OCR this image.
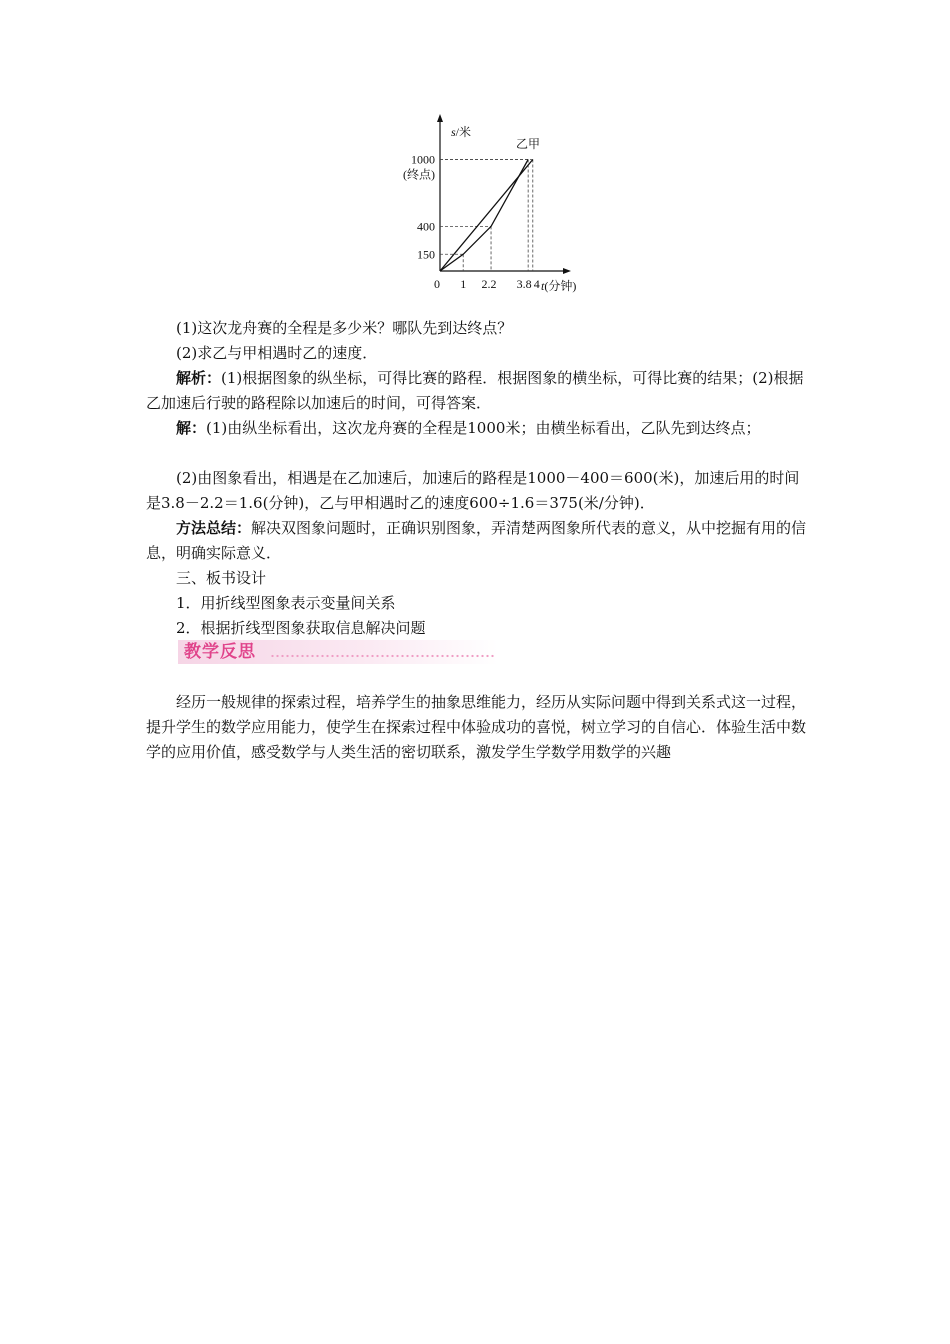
150
400
1000
(终点)
0 1 2.2 3.8 4 t(分钟)
s/米
乙甲
(1)这次龙舟赛的全程是多少米？哪队先到达终点？
(2)求乙与甲相遇时乙的速度．
解析：(1)根据图象的纵坐标，可得比赛的路程．根据图象的横坐标，可得比赛的结果；(2)根据乙加速后行驶的路程除以加速后的时间，可得答案．
解：(1)由纵坐标看出，这次龙舟赛的全程是1000米；由横坐标看出，乙队先到达终点；
(2)由图象看出，相遇是在乙加速后，加速后的路程是1000－400＝600(米)，加速后用的时间是3.8－2.2＝1.6(分钟)，乙与甲相遇时乙的速度600÷1.6＝375(米/分钟)．
方法总结：解决双图象问题时，正确识别图象，弄清楚两图象所代表的意义，从中挖掘有用的信息，明确实际意义．
三、板书设计
1．用折线型图象表示变量间关系
2．根据折线型图象获取信息解决问题
教学反思
经历一般规律的探索过程，培养学生的抽象思维能力，经历从实际问题中得到关系式这一过程，提升学生的数学应用能力，使学生在探索过程中体验成功的喜悦，树立学习的自信心．体验生活中数学的应用价值，感受数学与人类生活的密切联系，激发学生学数学用数学的兴趣
